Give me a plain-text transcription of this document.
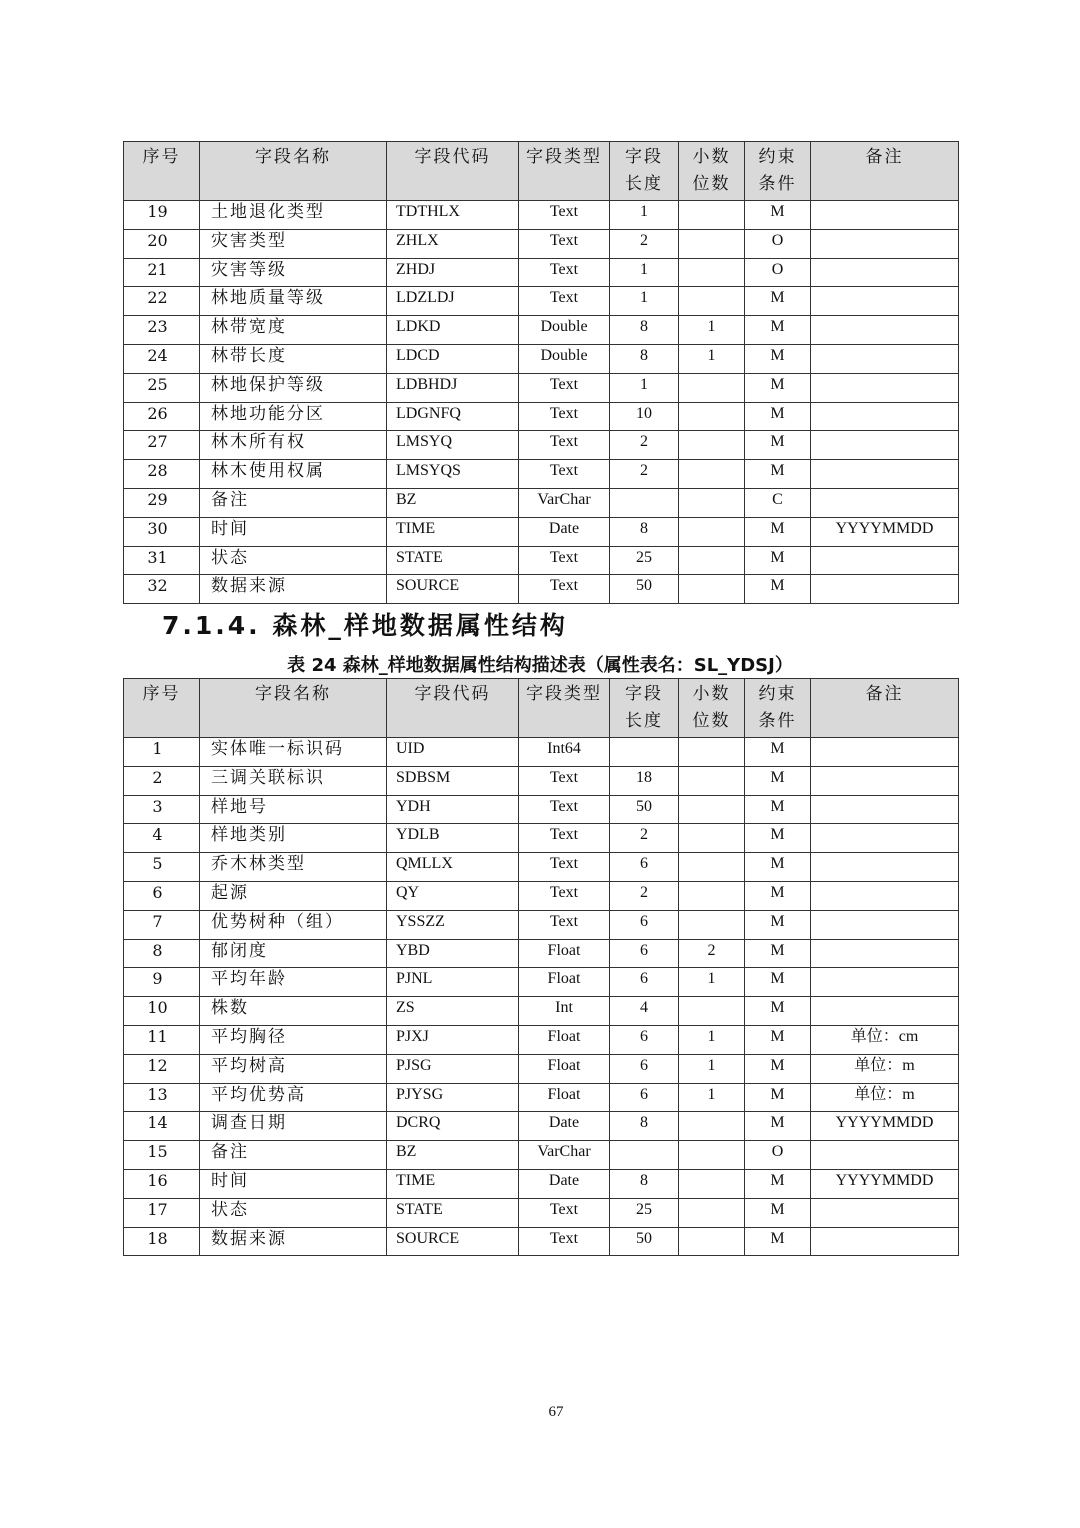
序号	字段名称	字段代码	字段类型	字段长度	小数位数	约束条件	备注
19	土地退化类型	TDTHLX	Text	1		M	
20	灾害类型	ZHLX	Text	2		O	
21	灾害等级	ZHDJ	Text	1		O	
22	林地质量等级	LDZLDJ	Text	1		M	
23	林带宽度	LDKD	Double	8	1	M	
24	林带长度	LDCD	Double	8	1	M	
25	林地保护等级	LDBHDJ	Text	1		M	
26	林地功能分区	LDGNFQ	Text	10		M	
27	林木所有权	LMSYQ	Text	2		M	
28	林木使用权属	LMSYQS	Text	2		M	
29	备注	BZ	VarChar			C	
30	时间	TIME	Date	8		M	YYYYMMDD
31	状态	STATE	Text	25		M	
32	数据来源	SOURCE	Text	50		M	
7.1.4. 森林_样地数据属性结构
表 24 森林_样地数据属性结构描述表（属性表名：SL_YDSJ）
序号	字段名称	字段代码	字段类型	字段长度	小数位数	约束条件	备注
1	实体唯一标识码	UID	Int64			M	
2	三调关联标识	SDBSM	Text	18		M	
3	样地号	YDH	Text	50		M	
4	样地类别	YDLB	Text	2		M	
5	乔木林类型	QMLLX	Text	6		M	
6	起源	QY	Text	2		M	
7	优势树种（组）	YSSZZ	Text	6		M	
8	郁闭度	YBD	Float	6	2	M	
9	平均年龄	PJNL	Float	6	1	M	
10	株数	ZS	Int	4		M	
11	平均胸径	PJXJ	Float	6	1	M	单位：cm
12	平均树高	PJSG	Float	6	1	M	单位：m
13	平均优势高	PJYSG	Float	6	1	M	单位：m
14	调查日期	DCRQ	Date	8		M	YYYYMMDD
15	备注	BZ	VarChar			O	
16	时间	TIME	Date	8		M	YYYYMMDD
17	状态	STATE	Text	25		M	
18	数据来源	SOURCE	Text	50		M	
67
